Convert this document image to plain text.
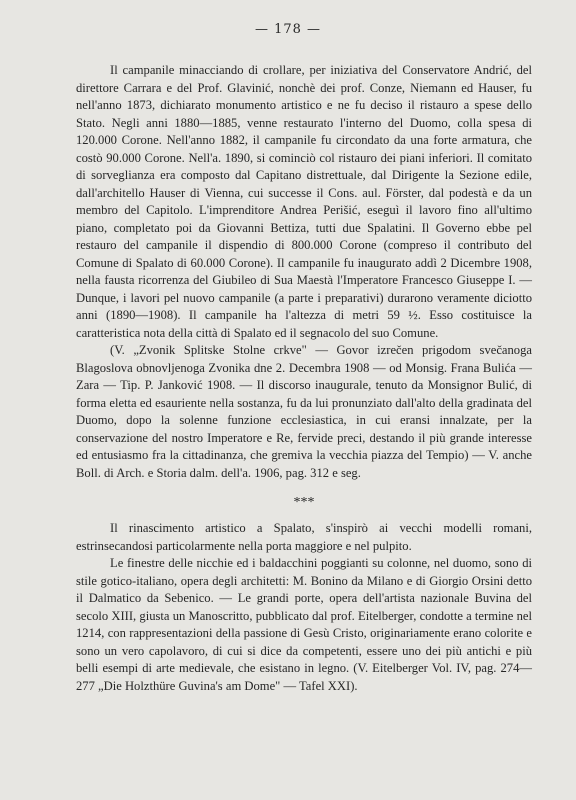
— 178 —

Il campanile minacciando di crollare, per iniziativa del Conservatore Andrić, del direttore Carrara e del Prof. Glavinić, nonchè dei prof. Conze, Niemann ed Hauser, fu nell'anno 1873, dichiarato monumento artistico e ne fu deciso il ristauro a spese dello Stato. Negli anni 1880—1885, venne restaurato l'interno del Duomo, colla spesa di 120.000 Corone. Nell'anno 1882, il campanile fu circondato da una forte armatura, che costò 90.000 Corone. Nell'a. 1890, si cominciò col ristauro dei piani inferiori. Il comitato di sorveglianza era composto dal Capitano distrettuale, dal Dirigente la Sezione edile, dall'architello Hauser di Vienna, cui successe il Cons. aul. Förster, dal podestà e da un membro del Capitolo. L'imprenditore Andrea Perišić, eseguì il lavoro fino all'ultimo piano, completato poi da Giovanni Bettiza, tutti due Spalatini. Il Governo ebbe pel restauro del campanile il dispendio di 800.000 Corone (compreso il contributo del Comune di Spalato di 60.000 Corone). Il campanile fu inaugurato addì 2 Dicembre 1908, nella fausta ricorrenza del Giubileo di Sua Maestà l'Imperatore Francesco Giuseppe I. — Dunque, i lavori pel nuovo campanile (a parte i preparativi) durarono veramente diciotto anni (1890—1908). Il campanile ha l'altezza di metri 59 ½. Esso costituisce la caratteristica nota della città di Spalato ed il segnacolo del suo Comune.

(V. „Zvonik Splitske Stolne crkve" — Govor izrečen prigodom svečanoga Blagoslova obnovljenoga Zvonika dne 2. Decembra 1908 — od Monsig. Frana Bulića — Zara — Tip. P. Janković 1908. — Il discorso inaugurale, tenuto da Monsignor Bulić, di forma eletta ed esauriente nella sostanza, fu da lui pronunziato dall'alto della gradinata del Duomo, dopo la solenne funzione ecclesiastica, in cui eransi innalzate, per la conservazione del nostro Imperatore e Re, fervide preci, destando il più grande interesse ed entusiasmo fra la cittadinanza, che gremiva la vecchia piazza del Tempio) — V. anche Boll. di Arch. e Storia dalm. dell'a. 1906, pag. 312 e seg.

***

Il rinascimento artistico a Spalato, s'inspirò ai vecchi modelli romani, estrinsecandosi particolarmente nella porta maggiore e nel pulpito.

Le finestre delle nicchie ed i baldacchini poggianti su colonne, nel duomo, sono di stile gotico-italiano, opera degli architetti: M. Bonino da Milano e di Giorgio Orsini detto il Dalmatico da Sebenico. — Le grandi porte, opera dell'artista nazionale Buvina del secolo XIII, giusta un Manoscritto, pubblicato dal prof. Eitelberger, condotte a termine nel 1214, con rappresentazioni della passione di Gesù Cristo, originariamente erano colorite e sono un vero capolavoro, di cui si dice da competenti, essere uno dei più antichi e più belli esempi di arte medievale, che esistano in legno. (V. Eitelberger Vol. IV, pag. 274—277 „Die Holzthüre Guvina's am Dome" — Tafel XXI).
